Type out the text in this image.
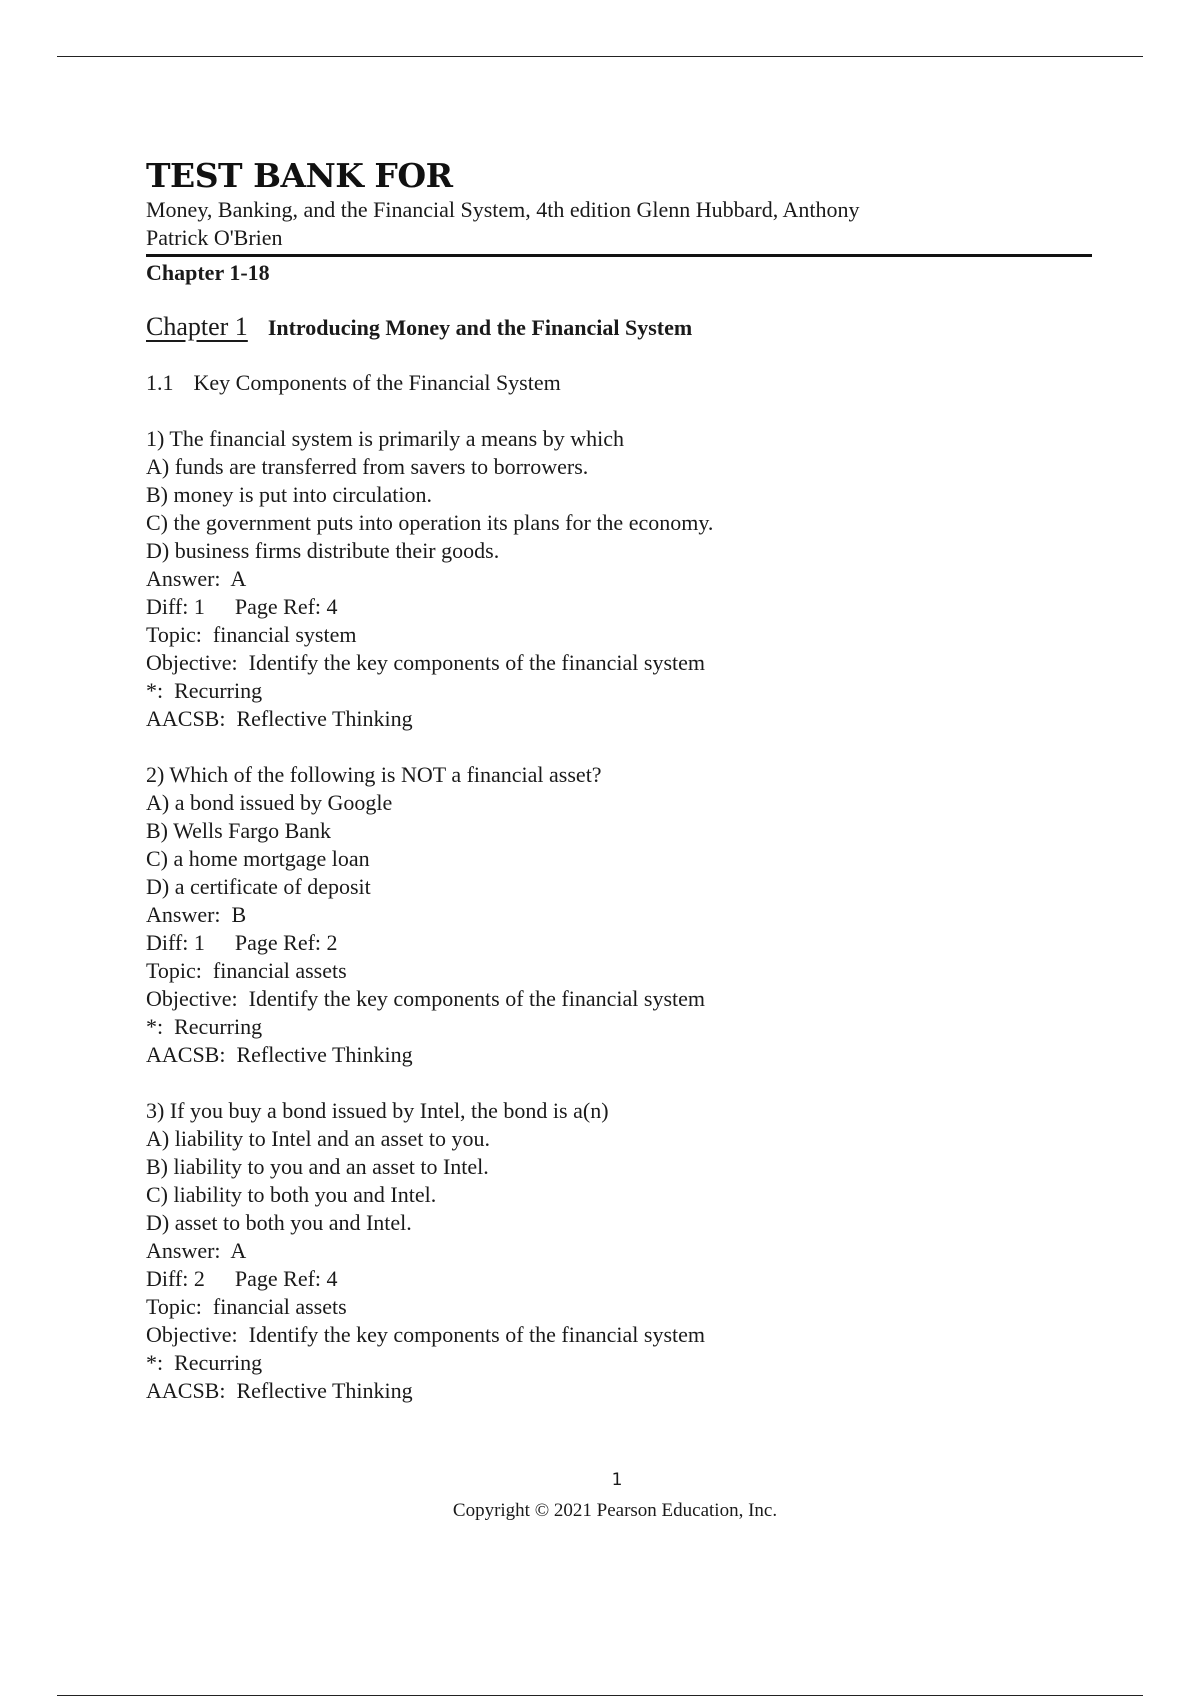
TEST BANK FOR
Money, Banking, and the Financial System, 4th edition Glenn Hubbard, Anthony Patrick O'Brien
Chapter 1-18
Chapter 1 Introducing Money and the Financial System
1.1 Key Components of the Financial System
1) The financial system is primarily a means by which
A) funds are transferred from savers to borrowers.
B) money is put into circulation.
C) the government puts into operation its plans for the economy.
D) business firms distribute their goods.
Answer:  A
Diff: 1 Page Ref: 4
Topic:  financial system
Objective:  Identify the key components of the financial system
*:  Recurring
AACSB:  Reflective Thinking
2) Which of the following is NOT a financial asset?
A) a bond issued by Google
B) Wells Fargo Bank
C) a home mortgage loan
D) a certificate of deposit
Answer:  B
Diff: 1 Page Ref: 2
Topic:  financial assets
Objective:  Identify the key components of the financial system
*:  Recurring
AACSB:  Reflective Thinking
3) If you buy a bond issued by Intel, the bond is a(n)
A) liability to Intel and an asset to you.
B) liability to you and an asset to Intel.
C) liability to both you and Intel.
D) asset to both you and Intel.
Answer:  A
Diff: 2 Page Ref: 4
Topic:  financial assets
Objective:  Identify the key components of the financial system
*:  Recurring
AACSB:  Reflective Thinking
1
Copyright © 2021 Pearson Education, Inc.
